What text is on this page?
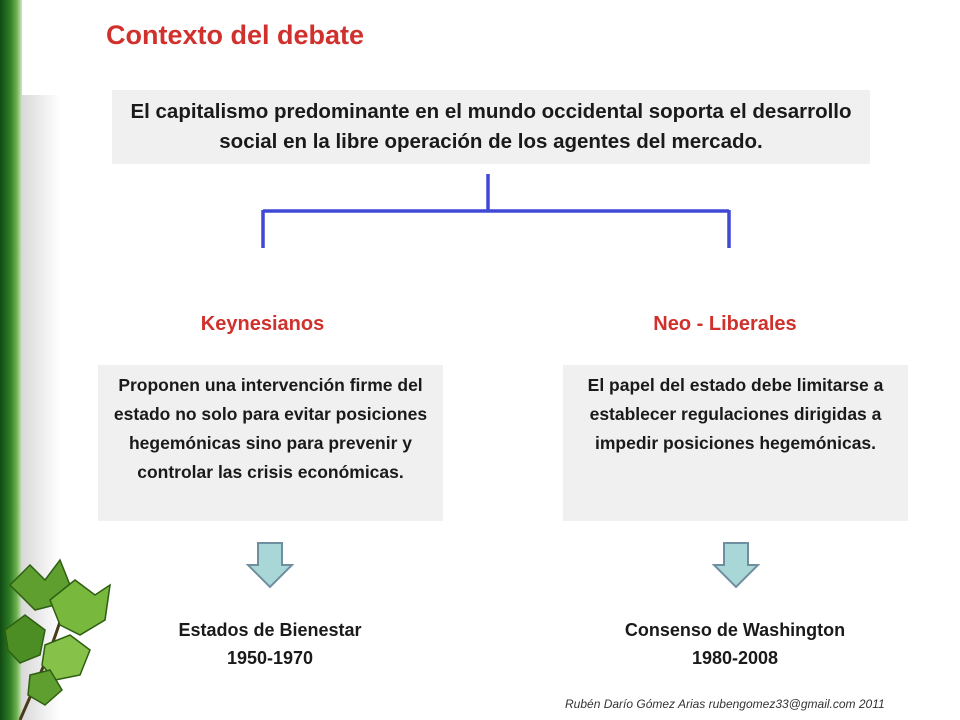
Contexto del debate
El capitalismo predominante en el mundo occidental soporta el desarrollo social en la libre operación de los agentes del mercado.
Keynesianos	Neo - Liberales
Proponen una intervención firme del estado no solo para evitar posiciones hegemónicas sino para prevenir y controlar las crisis económicas.
El papel del estado debe limitarse a establecer regulaciones dirigidas a impedir posiciones hegemónicas.
Estados de Bienestar
1950-1970
Consenso de Washington
1980-2008
Rubén Darío Gómez Arias rubengomez33@gmail.com 2011
